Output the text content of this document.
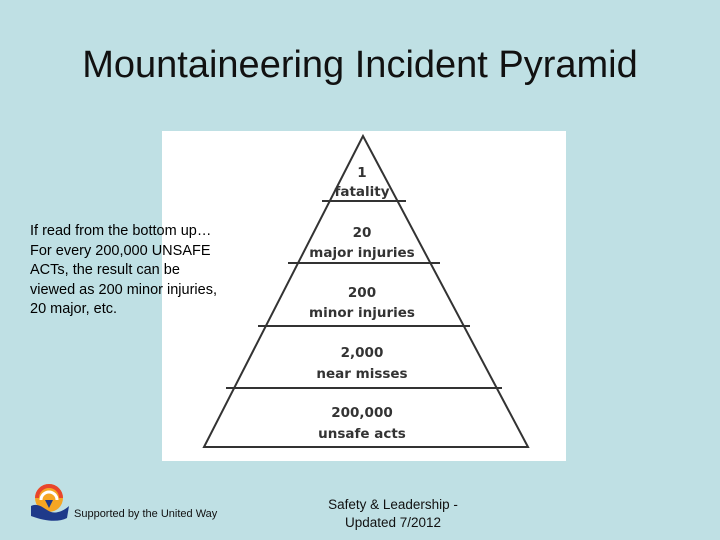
Mountaineering Incident Pyramid
1
fatality
20
major injuries
200
minor injuries
2,000
near misses
200,000
unsafe acts
If read from the bottom up…
For every 200,000 UNSAFE
ACTs, the result can be
viewed as 200 minor injuries,
20 major, etc.
Supported by the United Way
Safety & Leadership -
Updated 7/2012
